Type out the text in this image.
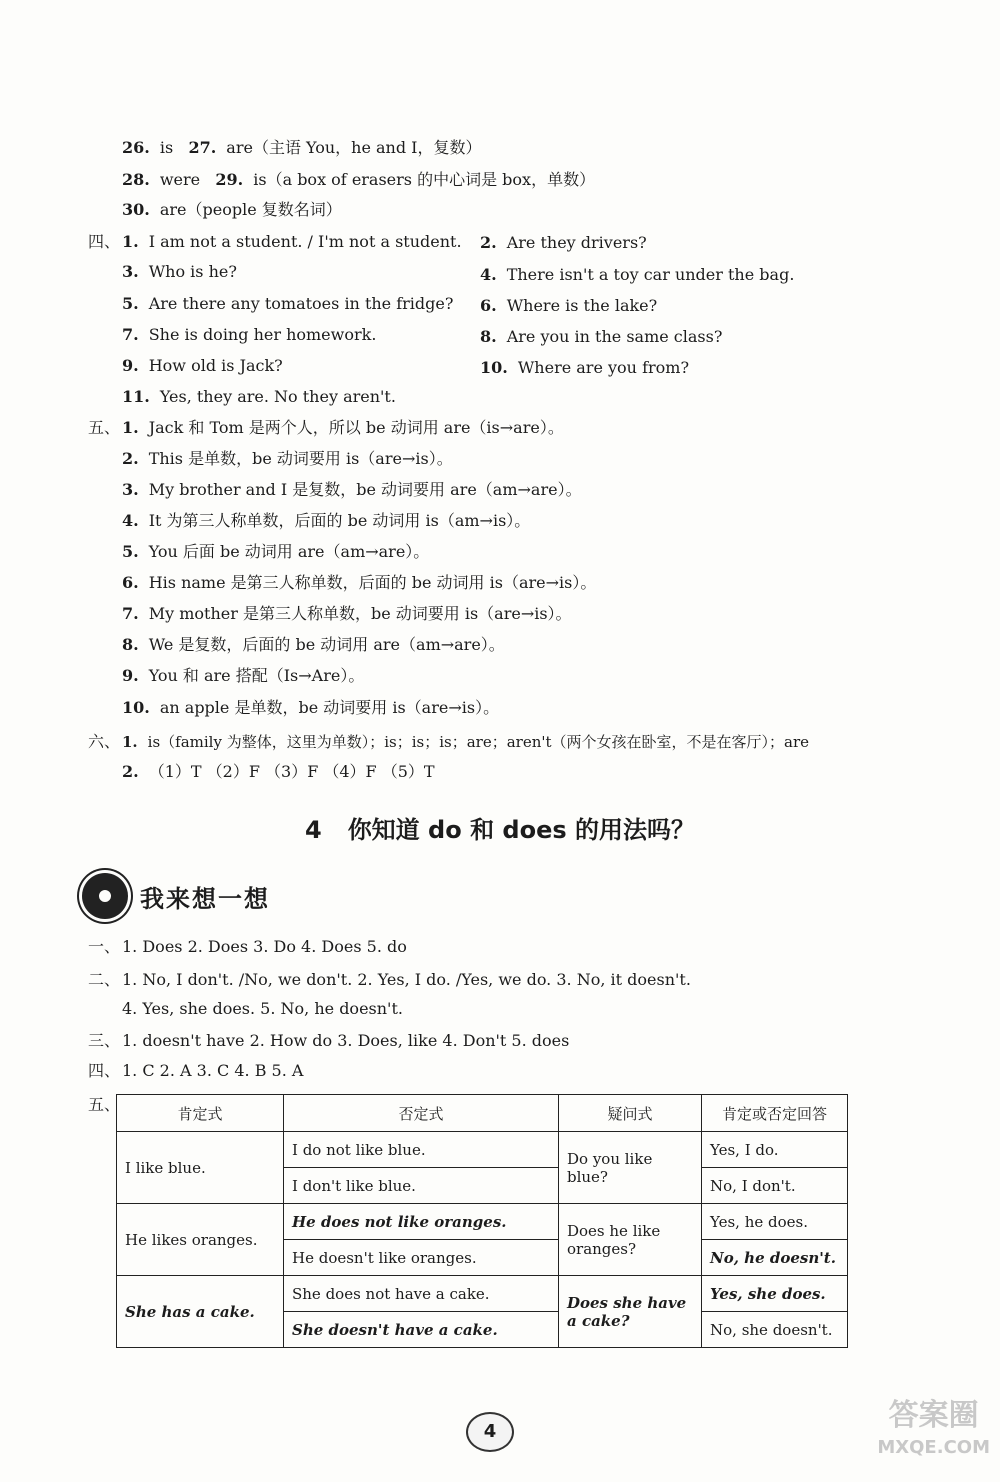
26. is 27. are（主语 You，he and I，复数）
28. were 29. is（a box of erasers 的中心词是 box，单数）
30. are（people 复数名词）
四、 1. I am not a student. / I'm not a student. 2. Are they drivers?
3. Who is he?	4. There isn't a toy car under the bag.
5. Are there any tomatoes in the fridge? 6. Where is the lake?
7. She is doing her homework.	8. Are you in the same class?
9. How old is Jack?	10. Where are you from?
11. Yes, they are. No they aren't.
五、 1. Jack 和 Tom 是两个人，所以 be 动词用 are（is→are）。
2. This 是单数，be 动词要用 is（are→is）。
3. My brother and I 是复数，be 动词要用 are（am→are）。
4. It 为第三人称单数，后面的 be 动词用 is（am→is）。
5. You 后面 be 动词用 are（am→are）。
6. His name 是第三人称单数，后面的 be 动词用 is（are→is）。
7. My mother 是第三人称单数，be 动词要用 is（are→is）。
8. We 是复数，后面的 be 动词用 are（am→are）。
9. You 和 are 搭配（Is→Are）。
10. an apple 是单数，be 动词要用 is（are→is）。
六、 1. is（family 为整体，这里为单数）；is；is；is；are；aren't（两个女孩在卧室，不是在客厅）；are
2. （1）T （2）F （3）F （4）F （5）T
4 你知道 do 和 does 的用法吗？
我来想一想
一、 1. Does 2. Does 3. Do 4. Does 5. do
二、 1. No, I don't. /No, we don't. 2. Yes, I do. /Yes, we do. 3. No, it doesn't.
4. Yes, she does. 5. No, he doesn't.
三、 1. doesn't have 2. How do 3. Does, like 4. Don't 5. does
四、 1. C 2. A 3. C 4. B 5. A
五、	肯定式	否定式	疑问式	肯定或否定回答
I like blue.	I do not like blue.	Do you like blue?	Yes, I do.
	I don't like blue.		No, I don't.
He likes oranges.	He does not like oranges.	Does he like oranges?	Yes, he does.
	He doesn't like oranges.		No, he doesn't.
She has a cake.	She does not have a cake.	Does she have a cake?	Yes, she does.
	She doesn't have a cake.		No, she doesn't.
4	答案圈
MXQE.COM
